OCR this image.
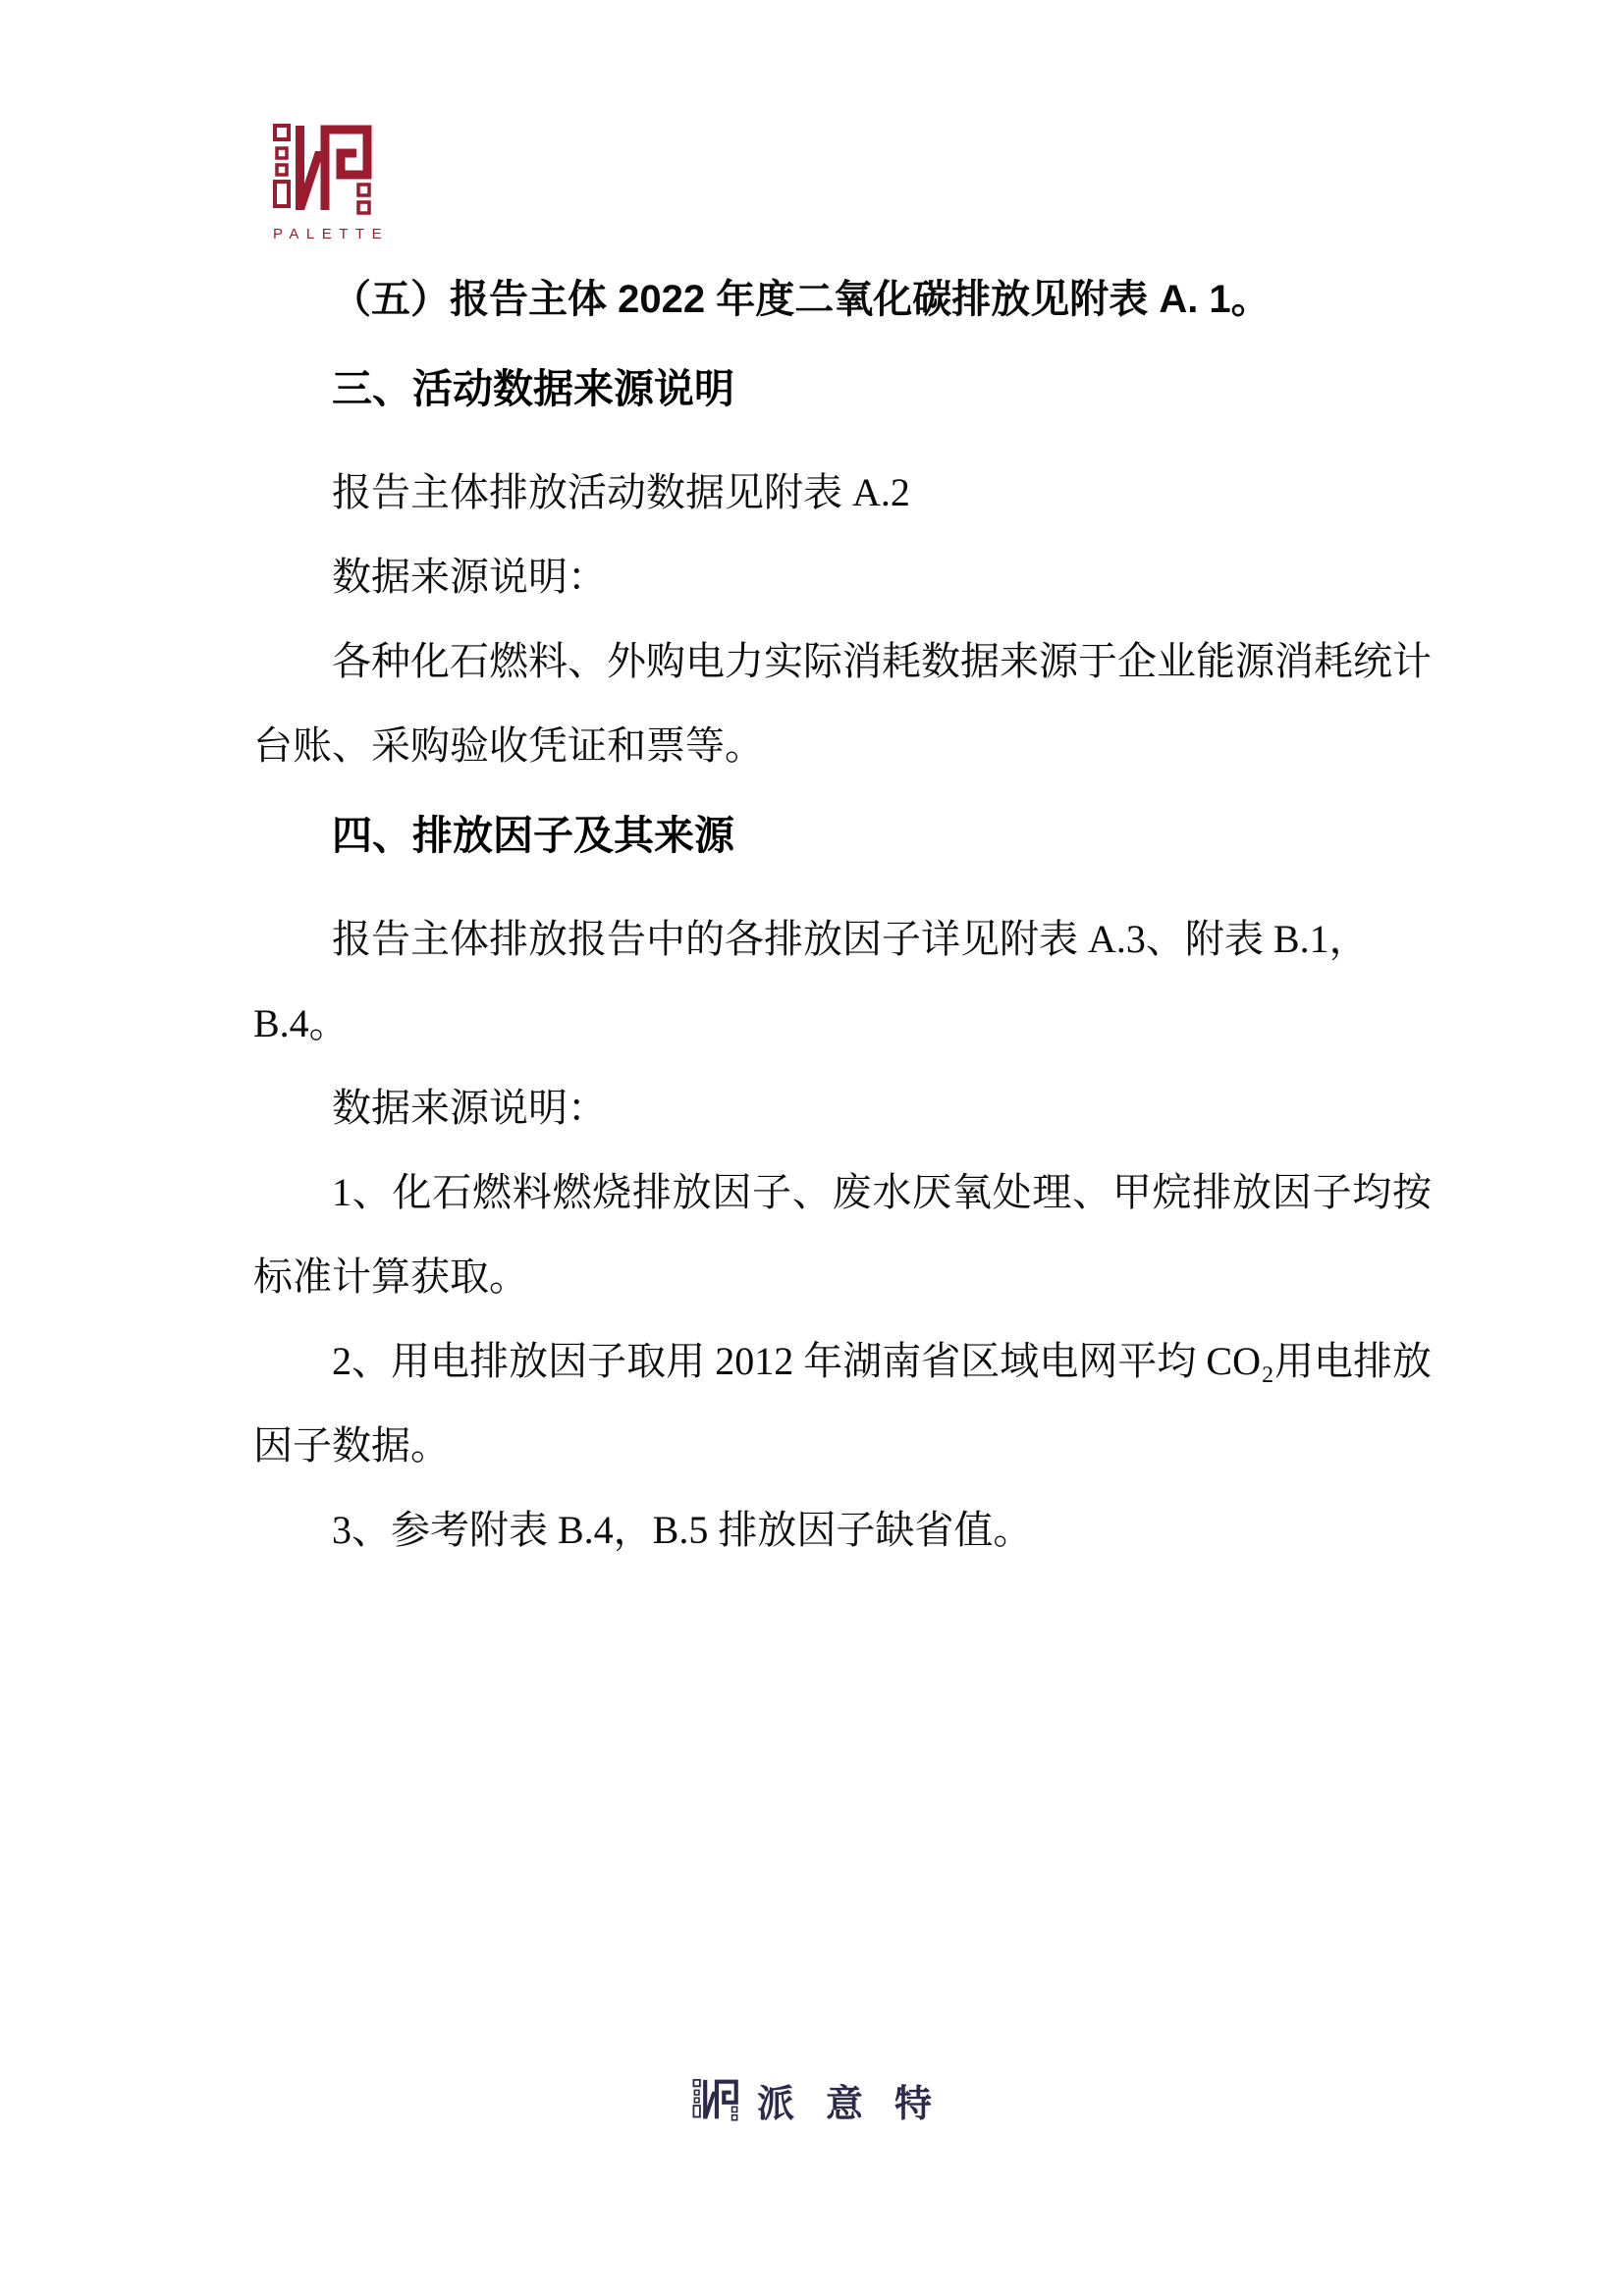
PALETTE

（五）报告主体 2022 年度二氧化碳排放见附表 A. 1。

三、活动数据来源说明

报告主体排放活动数据见附表 A.2

数据来源说明：

各种化石燃料、外购电力实际消耗数据来源于企业能源消耗统计

台账、采购验收凭证和票等。

四、排放因子及其来源

报告主体排放报告中的各排放因子详见附表 A.3、附表 B.1，B.4。

数据来源说明：

1、化石燃料燃烧排放因子、废水厌氧处理、甲烷排放因子均按

标准计算获取。

2、用电排放因子取用 2012 年湖南省区域电网平均 CO₂用电排放

因子数据。

3、参考附表 B.4，B.5 排放因子缺省值。

派意特
